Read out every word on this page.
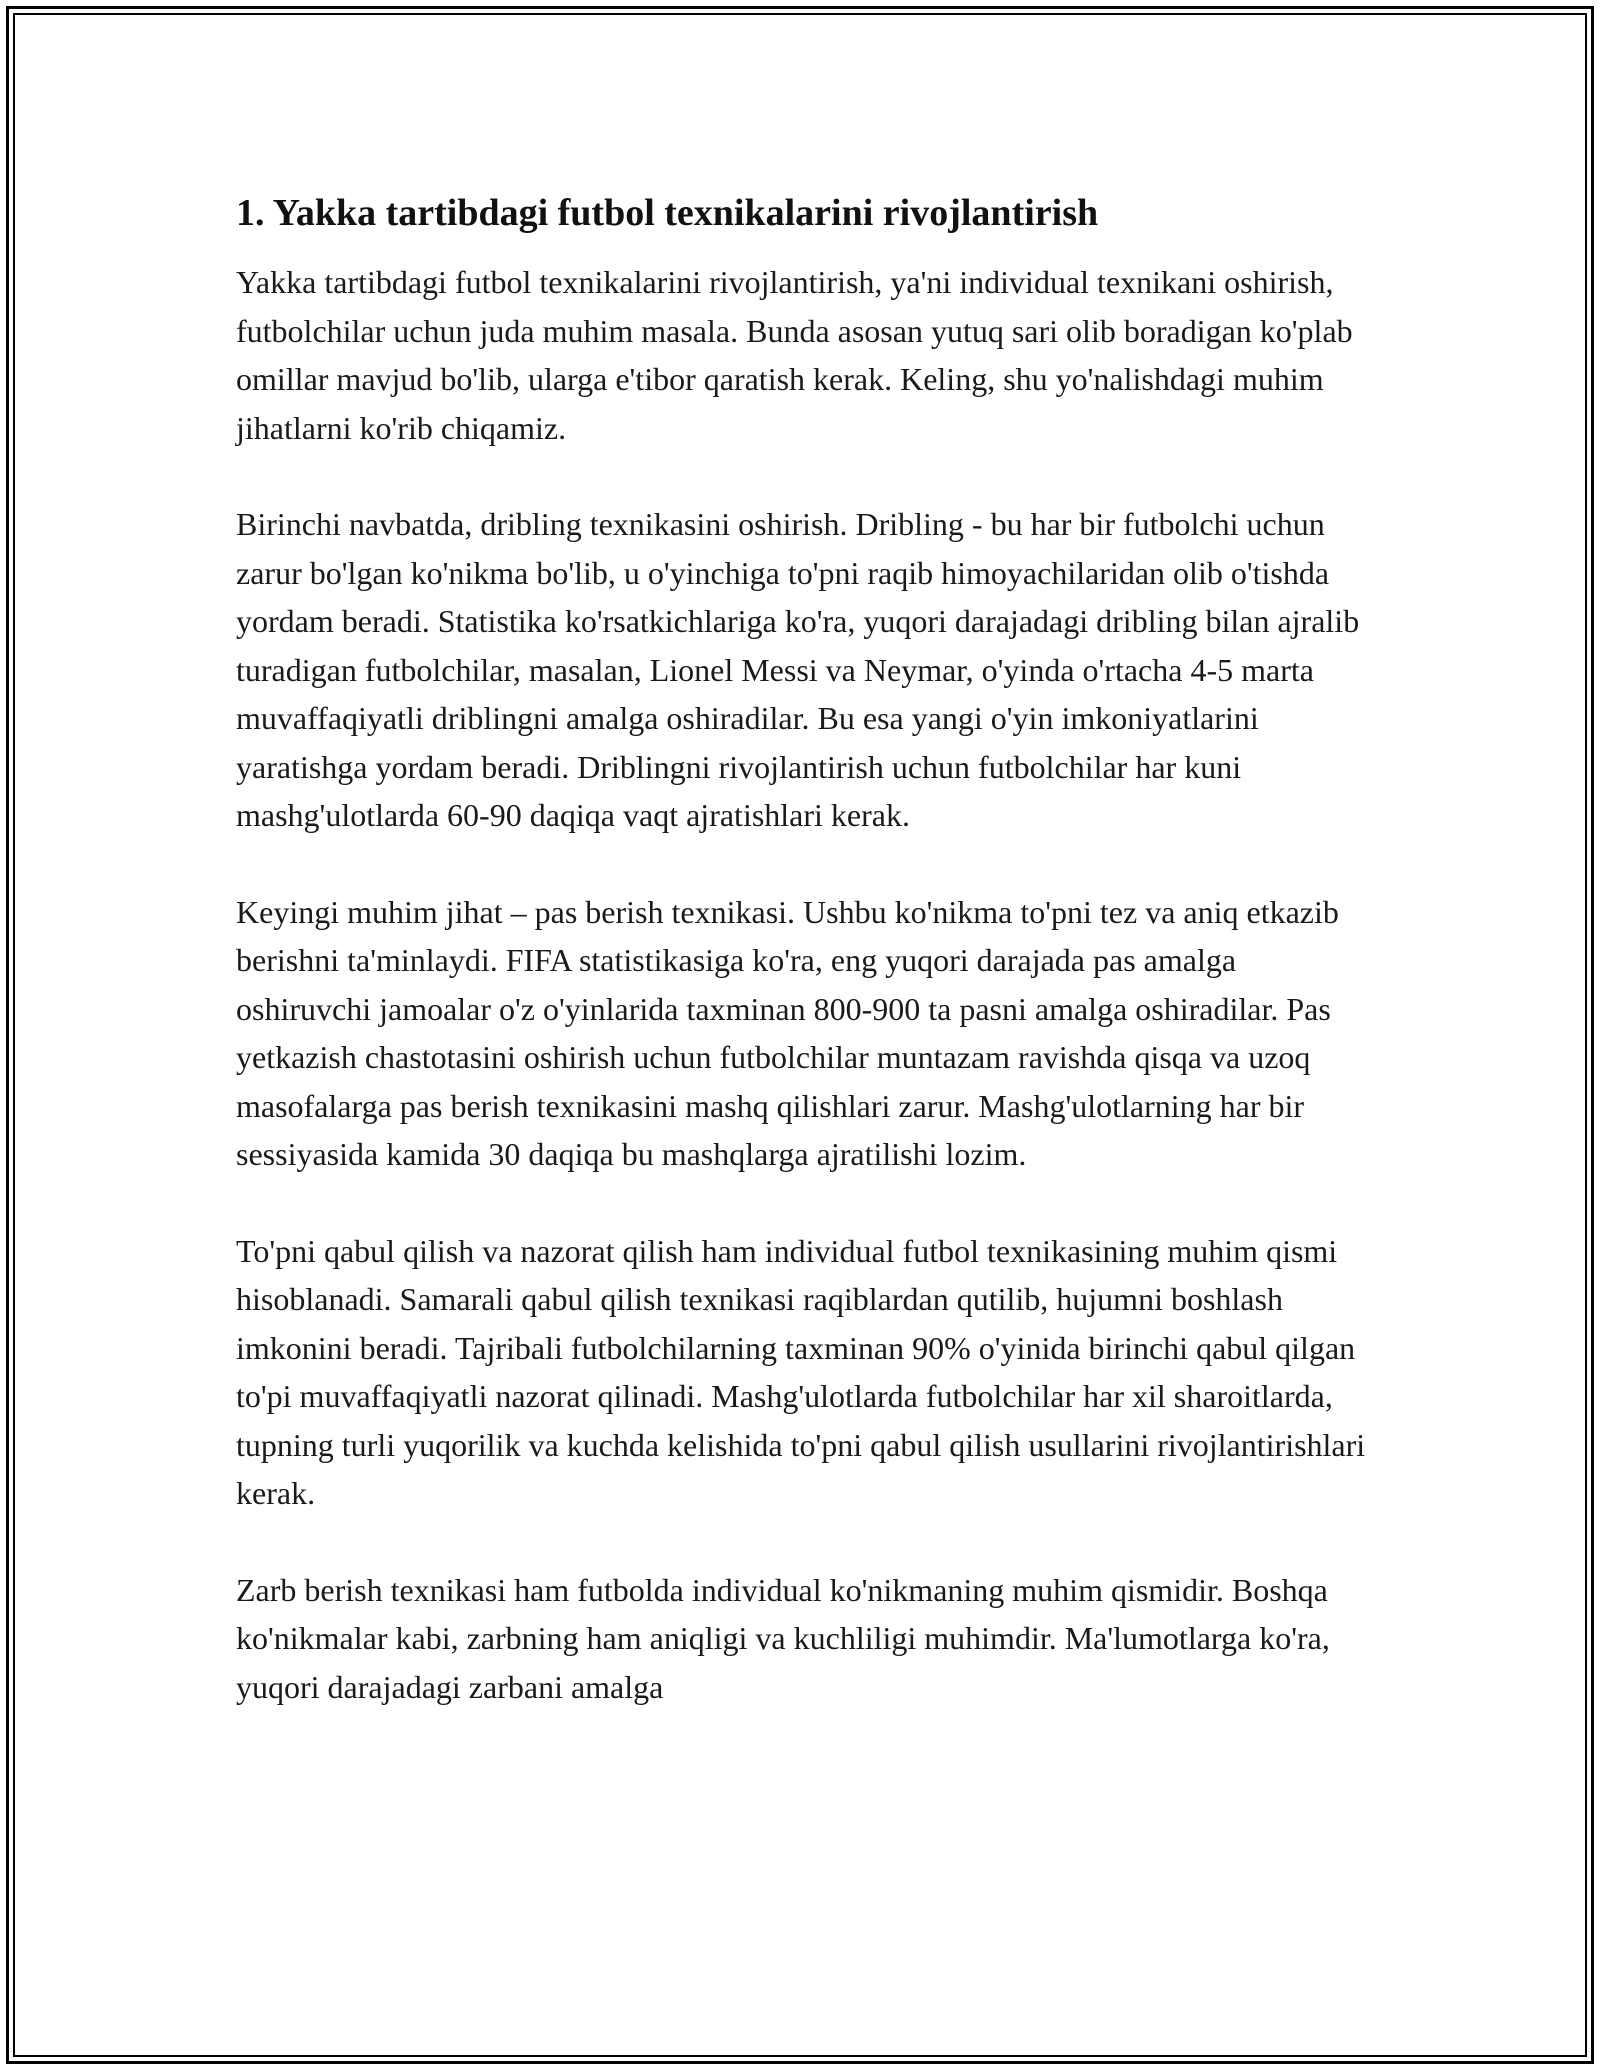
1. Yakka tartibdagi futbol texnikalarini rivojlantirish

Yakka tartibdagi futbol texnikalarini rivojlantirish, ya'ni individual texnikani oshirish, futbolchilar uchun juda muhim masala. Bunda asosan yutuq sari olib boradigan ko'plab omillar mavjud bo'lib, ularga e'tibor qaratish kerak. Keling, shu yo'nalishdagi muhim jihatlarni ko'rib chiqamiz.

Birinchi navbatda, dribling texnikasini oshirish. Dribling - bu har bir futbolchi uchun zarur bo'lgan ko'nikma bo'lib, u o'yinchiga to'pni raqib himoyachilaridan olib o'tishda yordam beradi. Statistika ko'rsatkichlariga ko'ra, yuqori darajadagi dribling bilan ajralib turadigan futbolchilar, masalan, Lionel Messi va Neymar, o'yinda o'rtacha 4-5 marta muvaffaqiyatli driblingni amalga oshiradilar. Bu esa yangi o'yin imkoniyatlarini yaratishga yordam beradi. Driblingni rivojlantirish uchun futbolchilar har kuni mashg'ulotlarda 60-90 daqiqa vaqt ajratishlari kerak.

Keyingi muhim jihat – pas berish texnikasi. Ushbu ko'nikma to'pni tez va aniq etkazib berishni ta'minlaydi. FIFA statistikasiga ko'ra, eng yuqori darajada pas amalga oshiruvchi jamoalar o'z o'yinlarida taxminan 800-900 ta pasni amalga oshiradilar. Pas yetkazish chastotasini oshirish uchun futbolchilar muntazam ravishda qisqa va uzoq masofalarga pas berish texnikasini mashq qilishlari zarur. Mashg'ulotlarning har bir sessiyasida kamida 30 daqiqa bu mashqlarga ajratilishi lozim.

To'pni qabul qilish va nazorat qilish ham individual futbol texnikasining muhim qismi hisoblanadi. Samarali qabul qilish texnikasi raqiblardan qutilib, hujumni boshlash imkonini beradi. Tajribali futbolchilarning taxminan 90% o'yinida birinchi qabul qilgan to'pi muvaffaqiyatli nazorat qilinadi. Mashg'ulotlarda futbolchilar har xil sharoitlarda, tupning turli yuqorilik va kuchda kelishida to'pni qabul qilish usullarini rivojlantirishlari kerak.

Zarb berish texnikasi ham futbolda individual ko'nikmaning muhim qismidir. Boshqa ko'nikmalar kabi, zarbning ham aniqligi va kuchliligi muhimdir. Ma'lumotlarga ko'ra, yuqori darajadagi zarbani amalga
